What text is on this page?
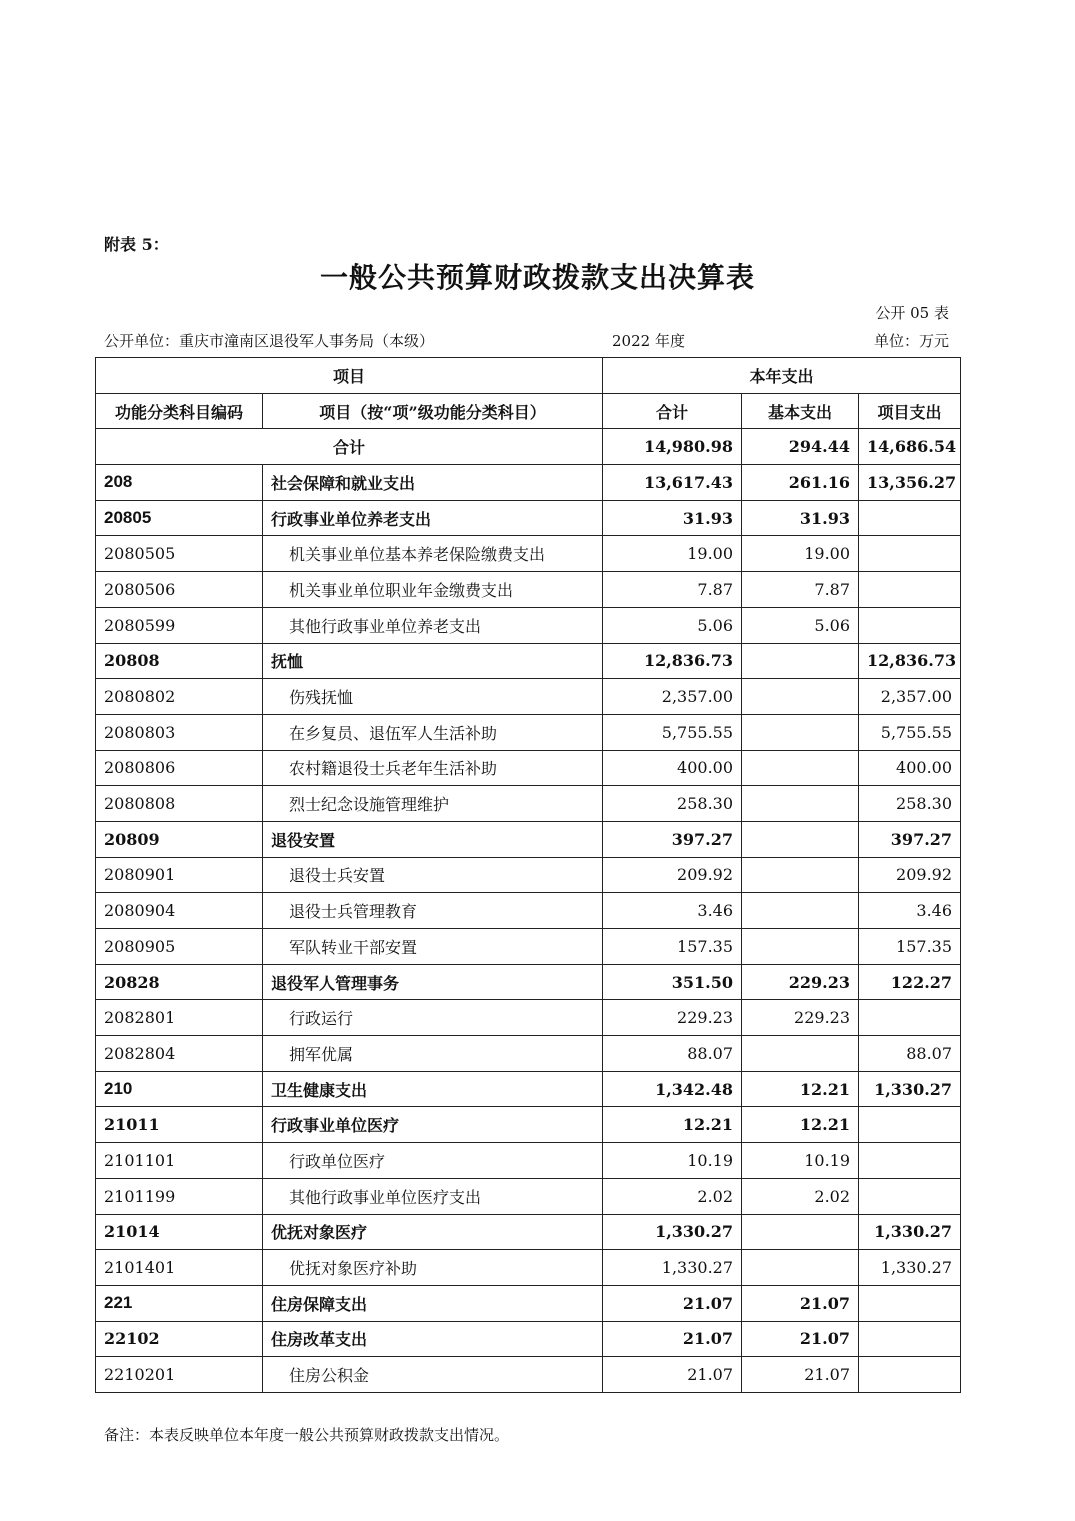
附表 5：
一般公共预算财政拨款支出决算表
公开 05 表
公开单位：重庆市潼南区退役军人事务局（本级）	2022 年度	单位：万元
项目		本年支出		
功能分类科目编码	项目（按“项”级功能分类科目）	合计	基本支出	项目支出
合计		14,980.98	294.44	14,686.54
208	社会保障和就业支出	13,617.43	261.16	13,356.27
20805	行政事业单位养老支出	31.93	31.93	
2080505	机关事业单位基本养老保险缴费支出	19.00	19.00	
2080506	机关事业单位职业年金缴费支出	7.87	7.87	
2080599	其他行政事业单位养老支出	5.06	5.06	
20808	抚恤	12,836.73		12,836.73
2080802	伤残抚恤	2,357.00		2,357.00
2080803	在乡复员、退伍军人生活补助	5,755.55		5,755.55
2080806	农村籍退役士兵老年生活补助	400.00		400.00
2080808	烈士纪念设施管理维护	258.30		258.30
20809	退役安置	397.27		397.27
2080901	退役士兵安置	209.92		209.92
2080904	退役士兵管理教育	3.46		3.46
2080905	军队转业干部安置	157.35		157.35
20828	退役军人管理事务	351.50	229.23	122.27
2082801	行政运行	229.23	229.23	
2082804	拥军优属	88.07		88.07
210	卫生健康支出	1,342.48	12.21	1,330.27
21011	行政事业单位医疗	12.21	12.21	
2101101	行政单位医疗	10.19	10.19	
2101199	其他行政事业单位医疗支出	2.02	2.02	
21014	优抚对象医疗	1,330.27		1,330.27
2101401	优抚对象医疗补助	1,330.27		1,330.27
221	住房保障支出	21.07	21.07	
22102	住房改革支出	21.07	21.07	
2210201	住房公积金	21.07	21.07	
备注：本表反映单位本年度一般公共预算财政拨款支出情况。
